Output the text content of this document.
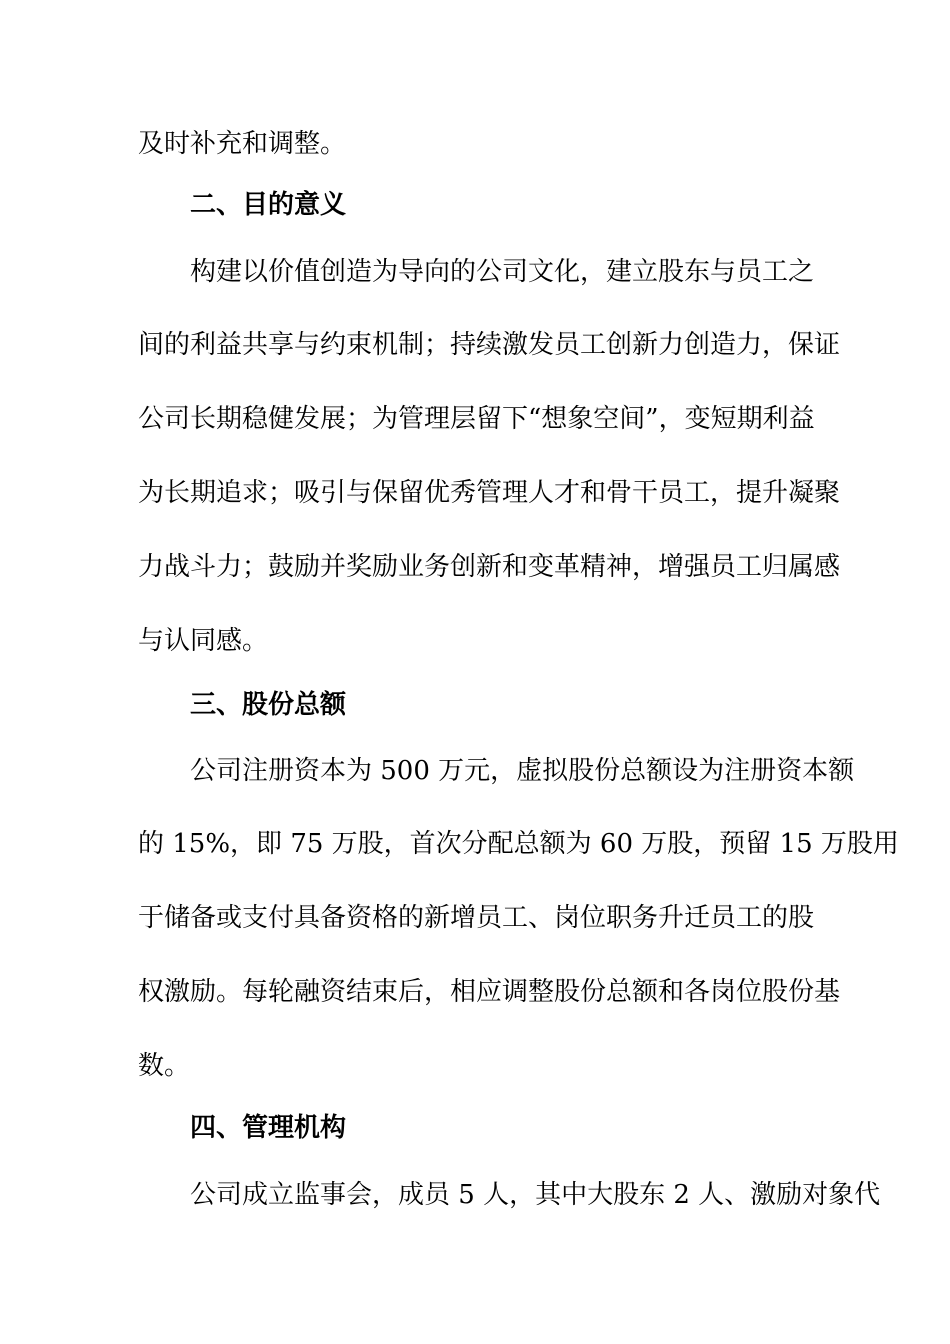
及时补充和调整。
二、目的意义
构建以价值创造为导向的公司文化，建立股东与员工之
间的利益共享与约束机制；持续激发员工创新力创造力，保证
公司长期稳健发展；为管理层留下“想象空间”，变短期利益
为长期追求；吸引与保留优秀管理人才和骨干员工，提升凝聚
力战斗力；鼓励并奖励业务创新和变革精神，增强员工归属感
与认同感。
三、股份总额
公司注册资本为 500 万元，虚拟股份总额设为注册资本额
的 15%，即 75 万股，首次分配总额为 60 万股，预留 15 万股用
于储备或支付具备资格的新增员工、岗位职务升迁员工的股
权激励。每轮融资结束后，相应调整股份总额和各岗位股份基
数。
四、管理机构
公司成立监事会，成员 5 人，其中大股东 2 人、激励对象代
